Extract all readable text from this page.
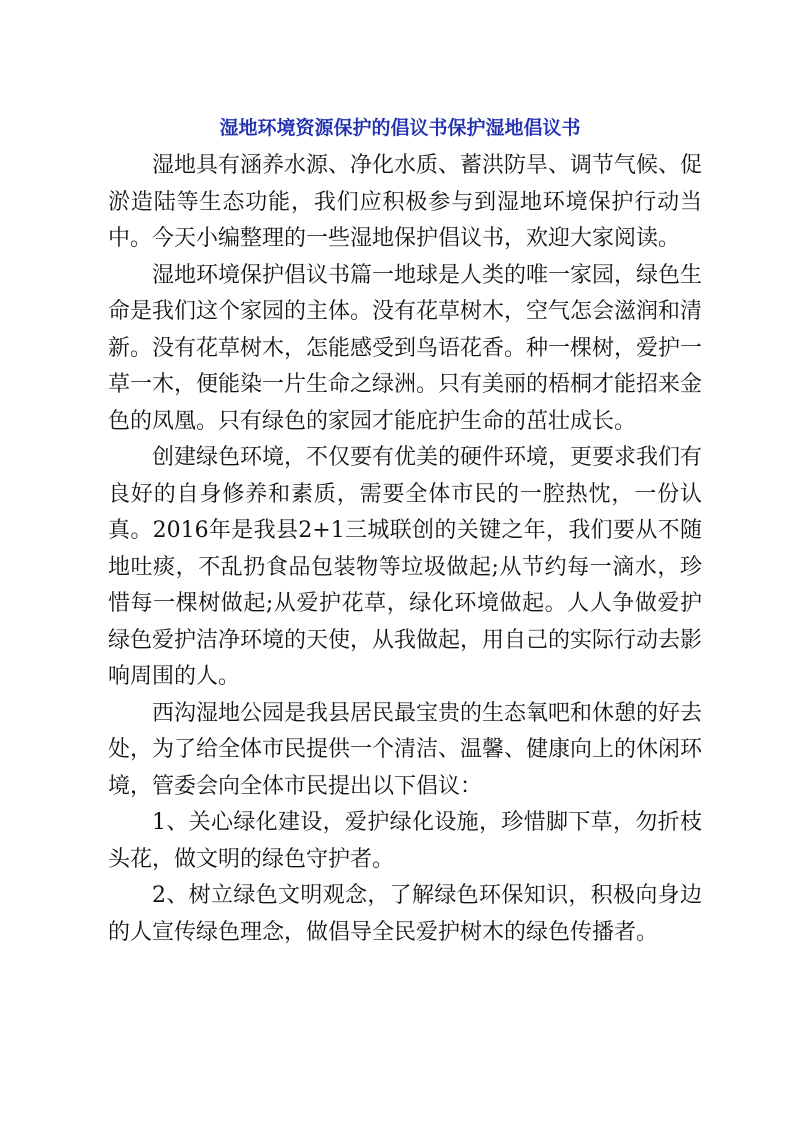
湿地环境资源保护的倡议书保护湿地倡议书

湿地具有涵养水源、净化水质、蓄洪防旱、调节气候、促淤造陆等生态功能，我们应积极参与到湿地环境保护行动当中。今天小编整理的一些湿地保护倡议书，欢迎大家阅读。

湿地环境保护倡议书篇一地球是人类的唯一家园，绿色生命是我们这个家园的主体。没有花草树木，空气怎会滋润和清新。没有花草树木，怎能感受到鸟语花香。种一棵树，爱护一草一木，便能染一片生命之绿洲。只有美丽的梧桐才能招来金色的凤凰。只有绿色的家园才能庇护生命的茁壮成长。

创建绿色环境，不仅要有优美的硬件环境，更要求我们有良好的自身修养和素质，需要全体市民的一腔热忱，一份认真。2016年是我县2+1三城联创的关键之年，我们要从不随地吐痰，不乱扔食品包装物等垃圾做起;从节约每一滴水，珍惜每一棵树做起;从爱护花草，绿化环境做起。人人争做爱护绿色爱护洁净环境的天使，从我做起，用自己的实际行动去影响周围的人。

西沟湿地公园是我县居民最宝贵的生态氧吧和休憩的好去处，为了给全体市民提供一个清洁、温馨、健康向上的休闲环境，管委会向全体市民提出以下倡议：

1、关心绿化建设，爱护绿化设施，珍惜脚下草，勿折枝头花，做文明的绿色守护者。

2、树立绿色文明观念，了解绿色环保知识，积极向身边的人宣传绿色理念，做倡导全民爱护树木的绿色传播者。
